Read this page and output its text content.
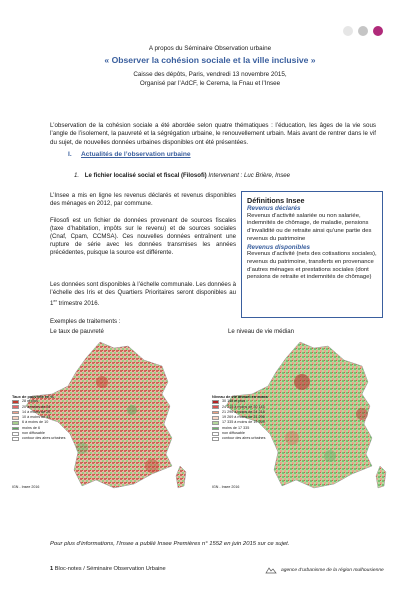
A propos du Séminaire Observation urbaine
« Observer la cohésion sociale et la ville inclusive »
Caisse des dépôts, Paris, vendredi 13 novembre 2015,
Organisé par l’AdCF, le Cerema, la Fnau et l’Insee

L’observation de la cohésion sociale a été abordée selon quatre thématiques : l’éducation, les âges de la vie sous l’angle de l’isolement, la pauvreté et la ségrégation urbaine, le renouvellement urbain. Mais avant de rentrer dans le vif du sujet, de nouvelles données urbaines disponibles ont été présentées.

I. Actualités de l’observation urbaine
1. Le fichier localisé social et fiscal (Filosofi) Intervenant : Luc Brière, Insee

L’Insee a mis en ligne les revenus déclarés et revenus disponibles des ménages en 2012, par commune.

Filosofi est un fichier de données provenant de sources fiscales (taxe d’habitation, impôts sur le revenu) et de sources sociales (Cnaf, Cpam, CCMSA). Ces nouvelles données entraînent une rupture de série avec les données transmises les années précédentes, puisque la source est différente.

Les données sont disponibles à l’échelle communale. Les données à l’échelle des Iris et des Quartiers Prioritaires seront disponibles au 1er trimestre 2016.

Définitions Insee
Revenus déclarés
Revenus d’activité salariée ou non salariée, indemnités de chômage, de maladie, pensions d’invalidité ou de retraite ainsi qu’une partie des revenus du patrimoine
Revenus disponibles
Revenus d’activité (nets des cotisations sociales), revenus du patrimoine, transferts en provenance d’autres ménages et prestations sociales (dont pensions de retraite et indemnités de chômage)
Exemples de traitements :
Le taux de pauvreté	Le niveau de vie médian
Taux de pauvreté en %
28 et plus
20 à moins de 24
14 à moins de 20
10 à moins de 14
6 à moins de 10
moins de 6
non diffusable
contour des aires urbaines
IGN - Insee 2016
Niveau de vie annuel en euros
30 145 et plus
24 218 à moins de 30 145
21 296 à moins de 24 218
19 269 à moins de 21 296
17 335 à moins de 19 269
moins de 17 335
non diffusable
contour des aires urbaines
IGN - Insee 2016

Pour plus d’informations, l’Insee a publié Insee Premières n° 1552 en juin 2015 sur ce sujet.

1 Bloc-notes / Séminaire Observation Urbaine	agence d’urbanisme de la région mulhousienne
